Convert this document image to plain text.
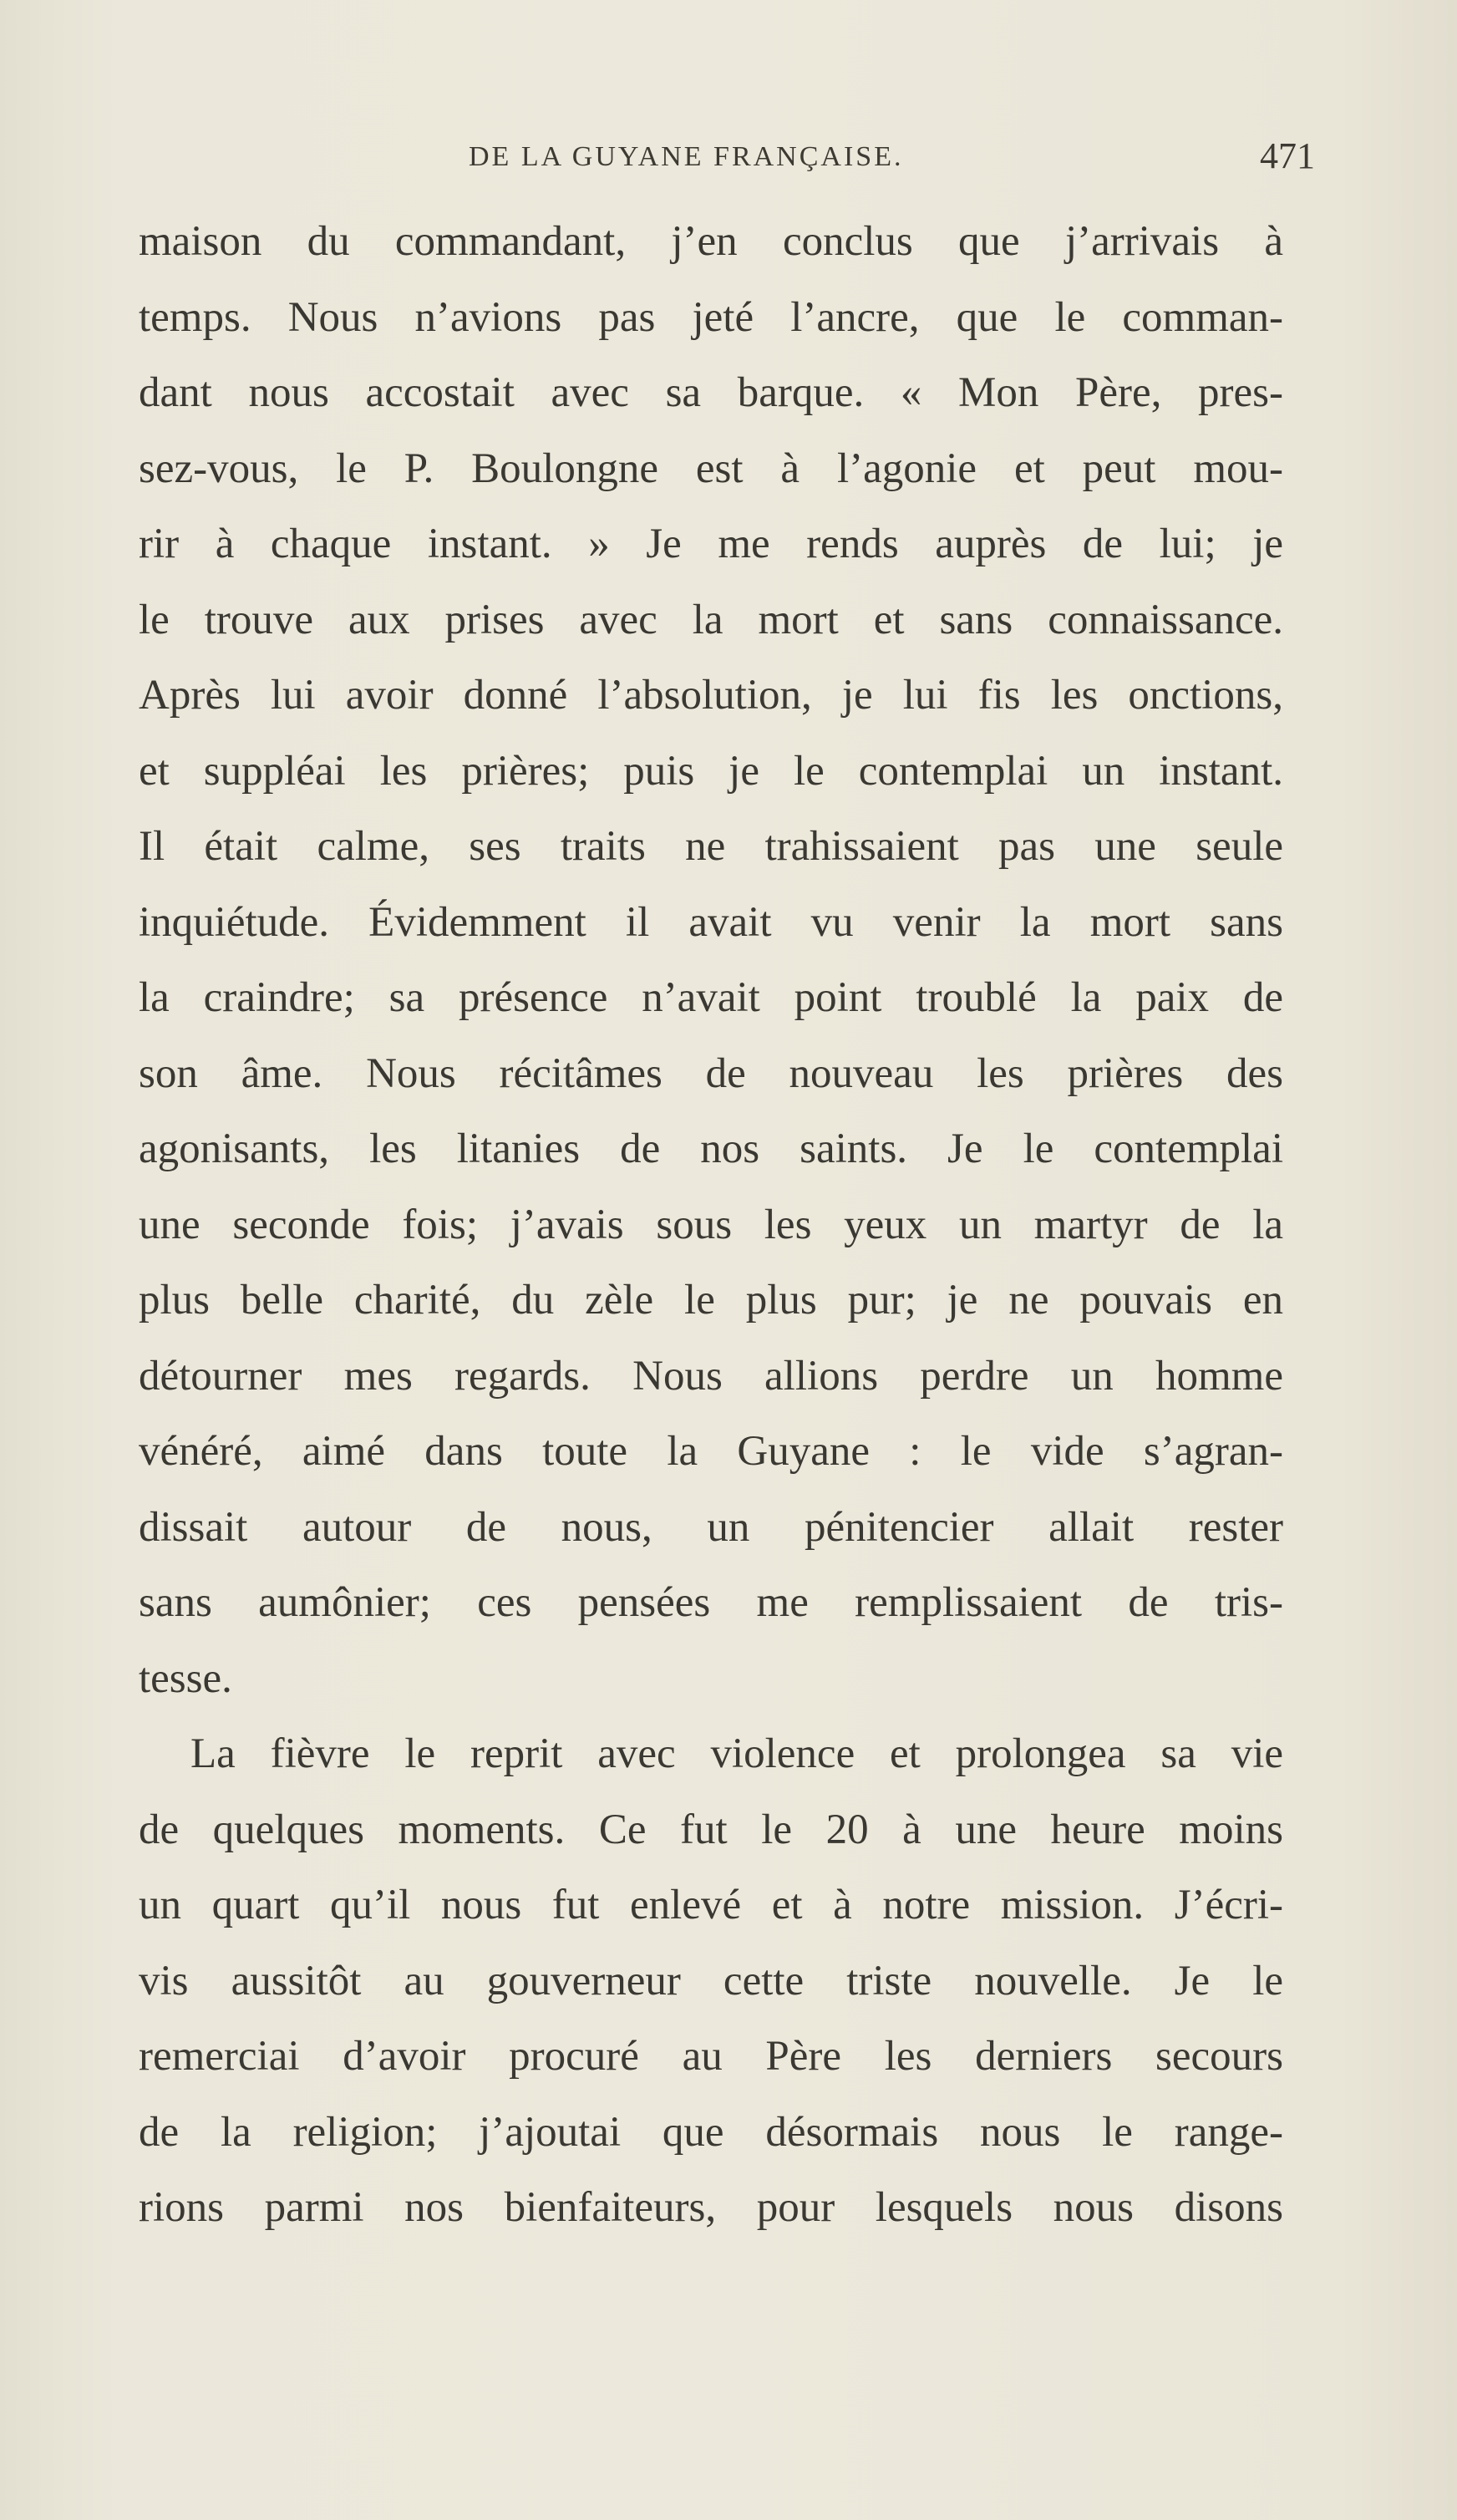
DE LA GUYANE FRANÇAISE.	471
maison du commandant, j’en conclus que j’arrivais à
temps. Nous n’avions pas jeté l’ancre, que le comman-
dant nous accostait avec sa barque. « Mon Père, pres-
sez-vous, le P. Boulongne est à l’agonie et peut mou-
rir à chaque instant. » Je me rends auprès de lui; je
le trouve aux prises avec la mort et sans connaissance.
Après lui avoir donné l’absolution, je lui fis les onctions,
et suppléai les prières; puis je le contemplai un instant.
Il était calme, ses traits ne trahissaient pas une seule
inquiétude. Évidemment il avait vu venir la mort sans
la craindre; sa présence n’avait point troublé la paix de
son âme. Nous récitâmes de nouveau les prières des
agonisants, les litanies de nos saints. Je le contemplai
une seconde fois; j’avais sous les yeux un martyr de la
plus belle charité, du zèle le plus pur; je ne pouvais en
détourner mes regards. Nous allions perdre un homme
vénéré, aimé dans toute la Guyane : le vide s’agran-
dissait autour de nous, un pénitencier allait rester
sans aumônier; ces pensées me remplissaient de tris-
tesse.
La fièvre le reprit avec violence et prolongea sa vie
de quelques moments. Ce fut le 20 à une heure moins
un quart qu’il nous fut enlevé et à notre mission. J’écri-
vis aussitôt au gouverneur cette triste nouvelle. Je le
remerciai d’avoir procuré au Père les derniers secours
de la religion; j’ajoutai que désormais nous le range-
rions parmi nos bienfaiteurs, pour lesquels nous disons
